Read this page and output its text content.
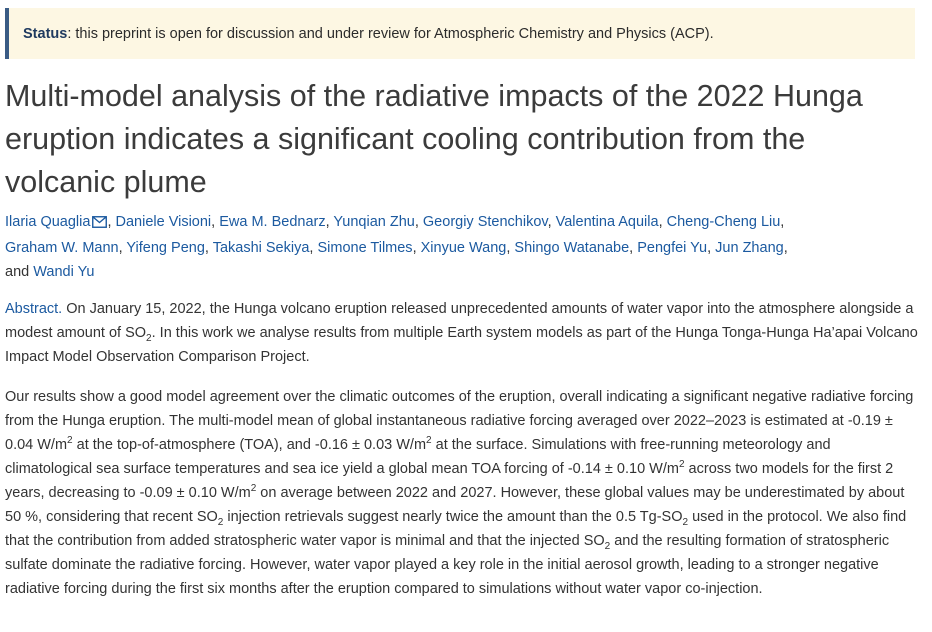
Status: this preprint is open for discussion and under review for Atmospheric Chemistry and Physics (ACP).
Multi-model analysis of the radiative impacts of the 2022 Hunga eruption indicates a significant cooling contribution from the volcanic plume
Ilaria Quaglia , Daniele Visioni, Ewa M. Bednarz, Yunqian Zhu, Georgiy Stenchikov, Valentina Aquila, Cheng-Cheng Liu,
Graham W. Mann, Yifeng Peng, Takashi Sekiya, Simone Tilmes, Xinyue Wang, Shingo Watanabe, Pengfei Yu, Jun Zhang,
and Wandi Yu

Abstract. On January 15, 2022, the Hunga volcano eruption released unprecedented amounts of water vapor into the atmosphere alongside a modest amount of $SO_2$. In this work we analyse results from multiple Earth system models as part of the Hunga Tonga-Hunga Ha’apai Volcano Impact Model Observation Comparison Project.

Our results show a good model agreement over the climatic outcomes of the eruption, overall indicating a significant negative radiative forcing from the Hunga eruption. The multi-model mean of global instantaneous radiative forcing averaged over 2022–2023 is estimated at -0.19 ± 0.04 $W/m^2$ at the top-of-atmosphere (TOA), and -0.16 ± 0.03 $W/m^2$ at the surface. Simulations with free-running meteorology and climatological sea surface temperatures and sea ice yield a global mean TOA forcing of -0.14 ± 0.10 $W/m^2$ across two models for the first 2 years, decreasing to -0.09 ± 0.10 $W/m^2$ on average between 2022 and 2027. However, these global values may be underestimated by about 50 %, considering that recent $SO_2$ injection retrievals suggest nearly twice the amount than the 0.5 $Tg-SO_2$ used in the protocol. We also find that the contribution from added stratospheric water vapor is minimal and that the injected $SO_2$ and the resulting formation of stratospheric sulfate dominate the radiative forcing. However, water vapor played a key role in the initial aerosol growth, leading to a stronger negative radiative forcing during the first six months after the eruption compared to simulations without water vapor co-injection.
